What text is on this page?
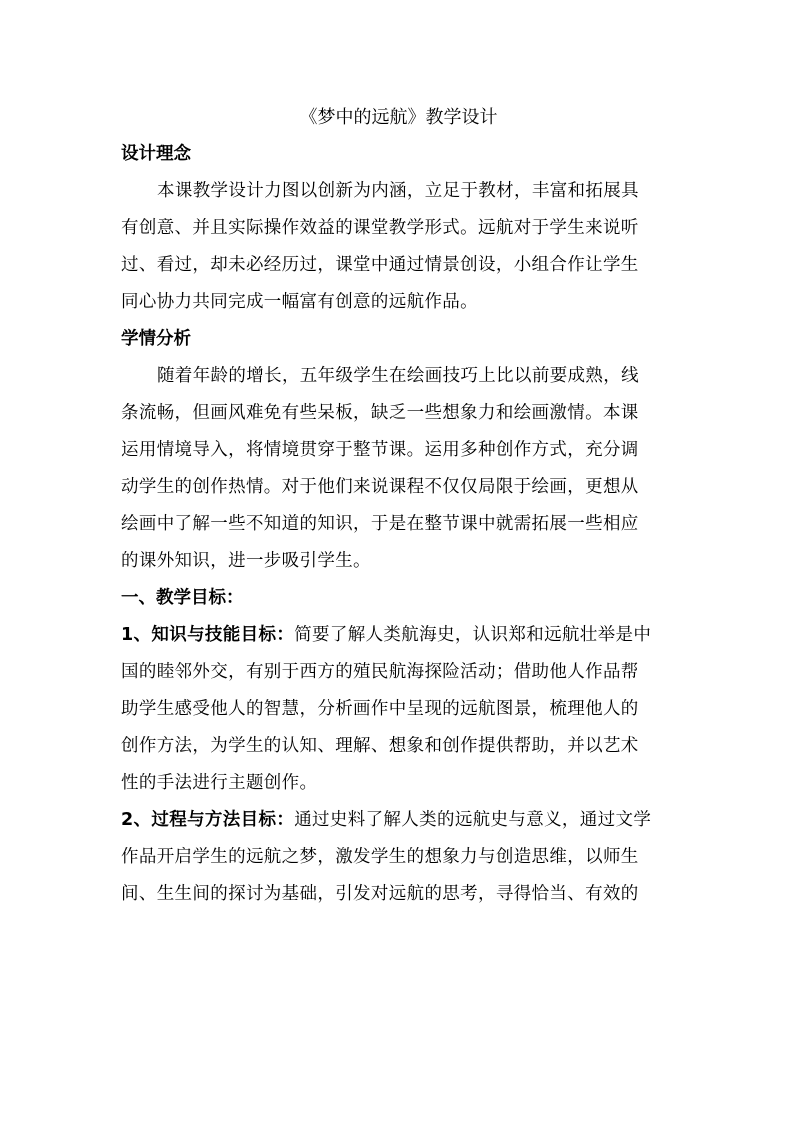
《梦中的远航》教学设计
设计理念
本课教学设计力图以创新为内涵，立足于教材，丰富和拓展具
有创意、并且实际操作效益的课堂教学形式。远航对于学生来说听
过、看过，却未必经历过，课堂中通过情景创设，小组合作让学生
同心协力共同完成一幅富有创意的远航作品。
学情分析
随着年龄的增长，五年级学生在绘画技巧上比以前要成熟，线
条流畅，但画风难免有些呆板，缺乏一些想象力和绘画激情。本课
运用情境导入，将情境贯穿于整节课。运用多种创作方式，充分调
动学生的创作热情。对于他们来说课程不仅仅局限于绘画，更想从
绘画中了解一些不知道的知识，于是在整节课中就需拓展一些相应
的课外知识，进一步吸引学生。
一、教学目标：
1、知识与技能目标：简要了解人类航海史，认识郑和远航壮举是中
国的睦邻外交，有别于西方的殖民航海探险活动；借助他人作品帮
助学生感受他人的智慧，分析画作中呈现的远航图景，梳理他人的
创作方法，为学生的认知、理解、想象和创作提供帮助，并以艺术
性的手法进行主题创作。
2、过程与方法目标：通过史料了解人类的远航史与意义，通过文学
作品开启学生的远航之梦，激发学生的想象力与创造思维，以师生
间、生生间的探讨为基础，引发对远航的思考，寻得恰当、有效的
